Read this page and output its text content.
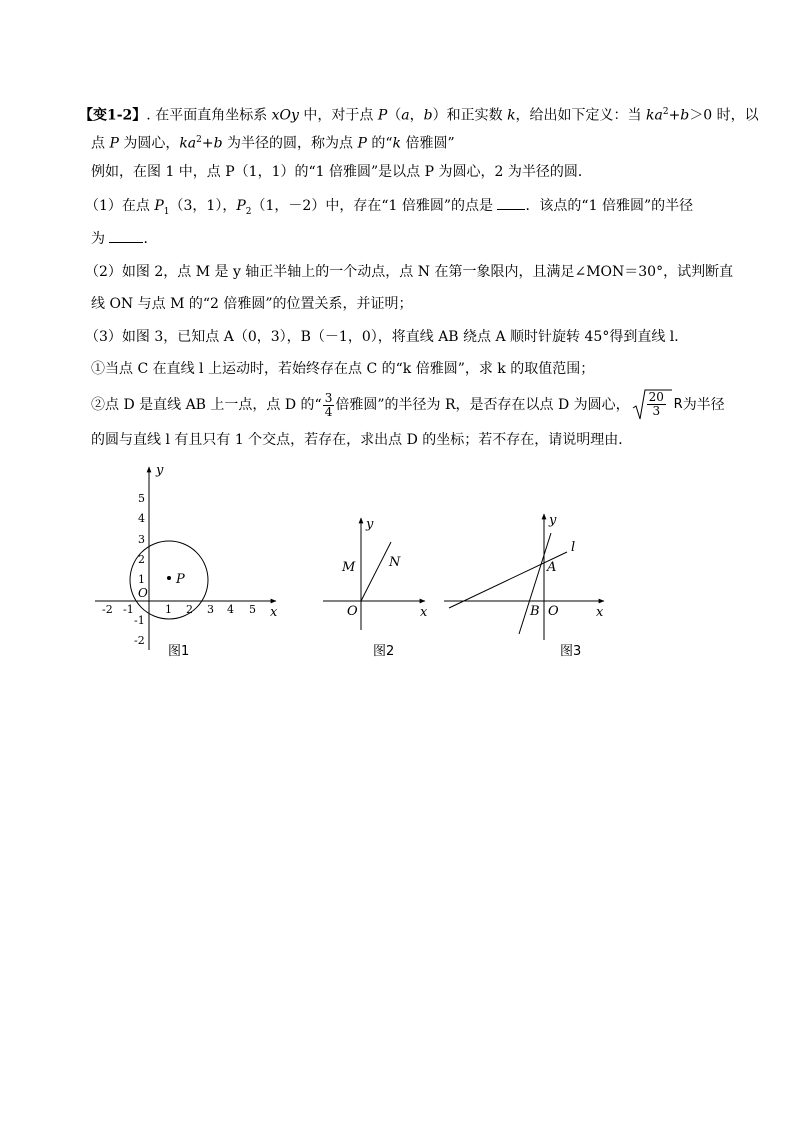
【变1-2】. 在平面直角坐标系 xOy 中，对于点 P（a，b）和正实数 k，给出如下定义：当 $ka^2+b>0$ 时，以
点 P 为圆心，$ka^2+b$ 为半径的圆，称为点 P 的“k 倍雅圆”
例如，在图 1 中，点 P（1，1）的“1 倍雅圆”是以点 P 为圆心，2 为半径的圆．
（1）在点 $P_1(3$，1），$P_2(1$，－2）中，存在“1 倍雅圆”的点是 ．该点的“1 倍雅圆”的半径
为 ．
（2）如图 2，点 M 是 y 轴正半轴上的一个动点，点 N 在第一象限内，且满足∠MON＝30°，试判断直
线 ON 与点 M 的“2 倍雅圆”的位置关系，并证明；
（3）如图 3，已知点 A（0，3），B（－1，0），将直线 AB 绕点 A 顺时针旋转 45°得到直线 l．
①当点 C 在直线 l 上运动时，若始终存在点 C 的“k 倍雅圆”，求 k 的取值范围；
②点 D 是直线 AB 上一点，点 D 的“ $\frac{3}{4}$ 倍雅圆”的半径为 R，是否存在以点 D 为圆心， $\frac{20}{3}$ R 为半径
的圆与直线 l 有且只有 1 个交点，若存在，求出点 D 的坐标；若不存在，请说明理由．
P
y
x
O
-2 -1	1 2 3 4 5
5
4
3
2
1
-1
-2
图1
y
x
O
M	N
图2
y
x
O
A
B
l
图3
